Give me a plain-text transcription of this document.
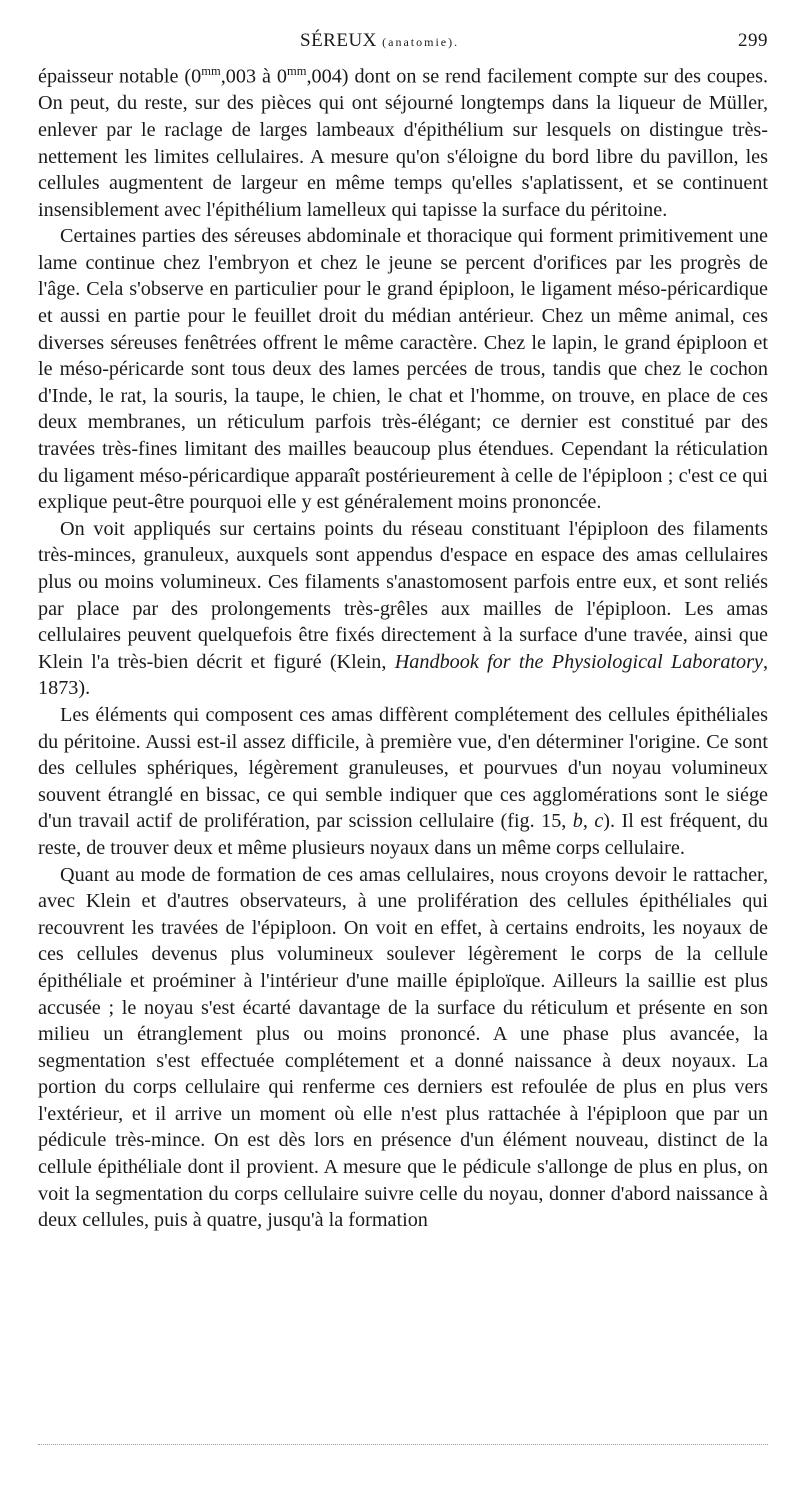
SÉREUX (anatomie).	299

épaisseur notable ($0^{mm},003$ à $0^{mm},004$) dont on se rend facilement compte sur des coupes. On peut, du reste, sur des pièces qui ont séjourné longtemps dans la liqueur de Müller, enlever par le raclage de larges lambeaux d'épithélium sur lesquels on distingue très-nettement les limites cellulaires. A mesure qu'on s'éloigne du bord libre du pavillon, les cellules augmentent de largeur en même temps qu'elles s'aplatissent, et se continuent insensiblement avec l'épithélium lamelleux qui tapisse la surface du péritoine.

Certaines parties des séreuses abdominale et thoracique qui forment primitivement une lame continue chez l'embryon et chez le jeune se percent d'orifices par les progrès de l'âge. Cela s'observe en particulier pour le grand épiploon, le ligament méso-péricardique et aussi en partie pour le feuillet droit du médian antérieur. Chez un même animal, ces diverses séreuses fenêtrées offrent le même caractère. Chez le lapin, le grand épiploon et le méso-péricarde sont tous deux des lames percées de trous, tandis que chez le cochon d'Inde, le rat, la souris, la taupe, le chien, le chat et l'homme, on trouve, en place de ces deux membranes, un réticulum parfois très-élégant; ce dernier est constitué par des travées très-fines limitant des mailles beaucoup plus étendues. Cependant la réticulation du ligament méso-péricardique apparaît postérieurement à celle de l'épiploon ; c'est ce qui explique peut-être pourquoi elle y est généralement moins prononcée.

On voit appliqués sur certains points du réseau constituant l'épiploon des filaments très-minces, granuleux, auxquels sont appendus d'espace en espace des amas cellulaires plus ou moins volumineux. Ces filaments s'anastomosent parfois entre eux, et sont reliés par place par des prolongements très-grêles aux mailles de l'épiploon. Les amas cellulaires peuvent quelquefois être fixés directement à la surface d'une travée, ainsi que Klein l'a très-bien décrit et figuré (Klein, Handbook for the Physiological Laboratory, 1873).

Les éléments qui composent ces amas diffèrent complétement des cellules épithéliales du péritoine. Aussi est-il assez difficile, à première vue, d'en déterminer l'origine. Ce sont des cellules sphériques, légèrement granuleuses, et pourvues d'un noyau volumineux souvent étranglé en bissac, ce qui semble indiquer que ces agglomérations sont le siége d'un travail actif de prolifération, par scission cellulaire (fig. 15, b, c). Il est fréquent, du reste, de trouver deux et même plusieurs noyaux dans un même corps cellulaire.

Quant au mode de formation de ces amas cellulaires, nous croyons devoir le rattacher, avec Klein et d'autres observateurs, à une prolifération des cellules épithéliales qui recouvrent les travées de l'épiploon. On voit en effet, à certains endroits, les noyaux de ces cellules devenus plus volumineux soulever légèrement le corps de la cellule épithéliale et proéminer à l'intérieur d'une maille épiploïque. Ailleurs la saillie est plus accusée ; le noyau s'est écarté davantage de la surface du réticulum et présente en son milieu un étranglement plus ou moins prononcé. A une phase plus avancée, la segmentation s'est effectuée complétement et a donné naissance à deux noyaux. La portion du corps cellulaire qui renferme ces derniers est refoulée de plus en plus vers l'extérieur, et il arrive un moment où elle n'est plus rattachée à l'épiploon que par un pédicule très-mince. On est dès lors en présence d'un élément nouveau, distinct de la cellule épithéliale dont il provient. A mesure que le pédicule s'allonge de plus en plus, on voit la segmentation du corps cellulaire suivre celle du noyau, donner d'abord naissance à deux cellules, puis à quatre, jusqu'à la formation
